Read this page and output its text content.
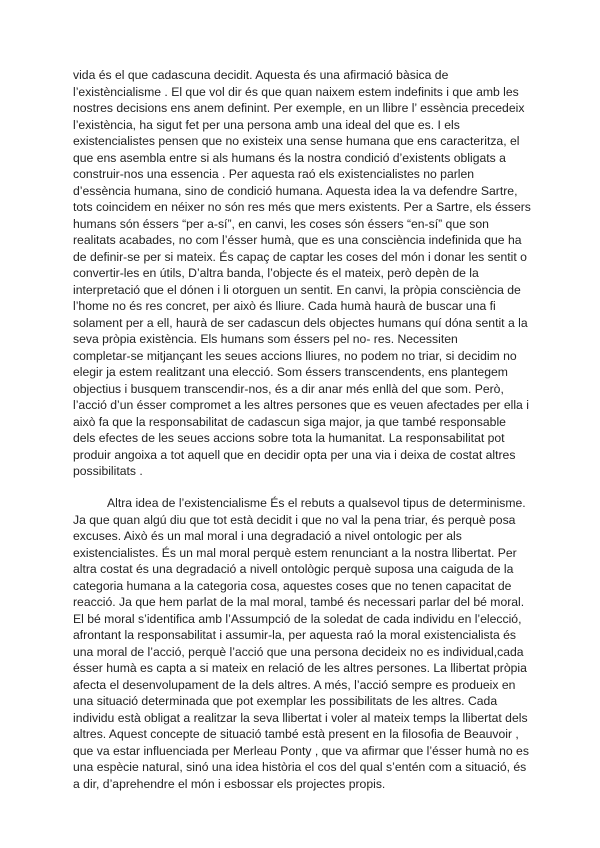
vida és el que cadascuna decidit. Aquesta és una afirmació bàsica de
l’existèncialisme . El que vol dir és que quan naixem estem indefinits i que amb les
nostres decisions ens anem definint. Per exemple, en un llibre l’ essència precedeix
l’existència, ha sigut fet per una persona amb una ideal del que es. I els
existencialistes pensen que no existeix una sense humana que ens caracteritza, el
que ens asembla entre si als humans és la nostra condició d’existents obligats a
construir-nos una essencia . Per aquesta raó els existencialistes no parlen
d’essència humana, sino de condició humana. Aquesta idea la va defendre Sartre,
tots coincidem en néixer no són res més que mers existents. Per a Sartre, els éssers
humans són éssers “per a-sí”, en canvi, les coses són éssers “en-sí” que son
realitats acabades, no com l’ésser humà, que es una consciència indefinida que ha
de definir-se per si mateix. És capaç de captar les coses del món i donar les sentit o
convertir-les en útils, D’altra banda, l’objecte és el mateix, però depèn de la
interpretació que el dónen i li otorguen un sentit. En canvi, la pròpia consciència de
l’home no és res concret, per això és lliure. Cada humà haurà de buscar una fi
solament per a ell, haurà de ser cadascun dels objectes humans quí dóna sentit a la
seva pròpia existència. Els humans som éssers pel no- res. Necessiten
completar-se mitjançant les seues accions lliures, no podem no triar, si decidim no
elegir ja estem realitzant una elecció. Som éssers transcendents, ens plantegem
objectius i busquem transcendir-nos, és a dir anar més enllà del que som. Però,
l’acció d’un ésser compromet a les altres persones que es veuen afectades per ella i
això fa que la responsabilitat de cadascun siga major, ja que també responsable
dels efectes de les seues accions sobre tota la humanitat. La responsabilitat pot
produir angoixa a tot aquell que en decidir opta per una via i deixa de costat altres
possibilitats .
Altra idea de l’existencialisme És el rebuts a qualsevol tipus de determinisme.
Ja que quan algú diu que tot està decidit i que no val la pena triar, és perquè posa
excuses. Això és un mal moral i una degradació a nivel ontologic per als
existencialistes. És un mal moral perquè estem renunciant a la nostra llibertat. Per
altra costat és una degradació a nivell ontològic perquè suposa una caiguda de la
categoria humana a la categoria cosa, aquestes coses que no tenen capacitat de
reacció. Ja que hem parlat de la mal moral, també és necessari parlar del bé moral.
El bé moral s’identifica amb l’Assumpció de la soledat de cada individu en l’elecció,
afrontant la responsabilitat i assumir-la, per aquesta raó la moral existencialista és
una moral de l’acció, perquè l’acció que una persona decideix no es individual,cada
ésser humà es capta a si mateix en relació de les altres persones. La llibertat pròpia
afecta el desenvolupament de la dels altres. A més, l’acció sempre es produeix en
una situació determinada que pot exemplar les possibilitats de les altres. Cada
individu està obligat a realitzar la seva llibertat i voler al mateix temps la llibertat dels
altres. Aquest concepte de situació també està present en la filosofia de Beauvoir ,
que va estar influenciada per Merleau Ponty , que va afirmar que l’ésser humà no es
una espècie natural, sinó una idea història el cos del qual s’entén com a situació, és
a dir, d’aprehendre el món i esbossar els projectes propis.
